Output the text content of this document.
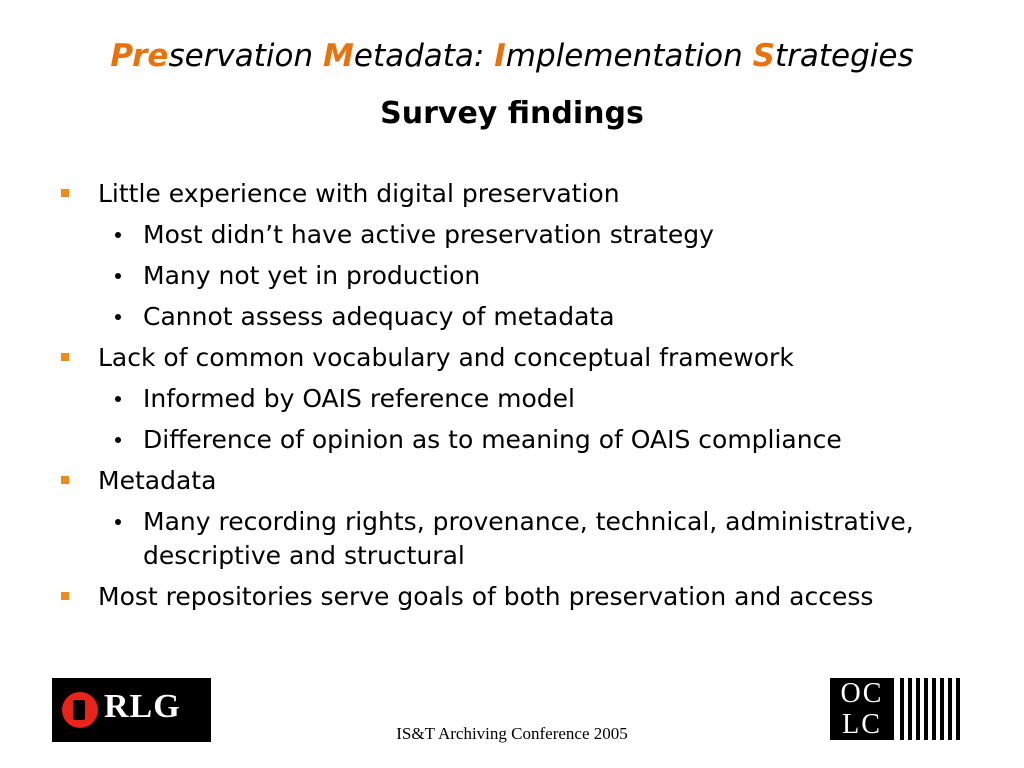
Preservation Metadata: Implementation Strategies
Survey findings
Little experience with digital preservation
Most didn’t have active preservation strategy
Many not yet in production
Cannot assess adequacy of metadata
Lack of common vocabulary and conceptual framework
Informed by OAIS reference model
Difference of opinion as to meaning of OAIS compliance
Metadata
Many recording rights, provenance, technical, administrative, descriptive and structural
Most repositories serve goals of both preservation and access
RLG
IS&T Archiving Conference 2005
OC
LC
